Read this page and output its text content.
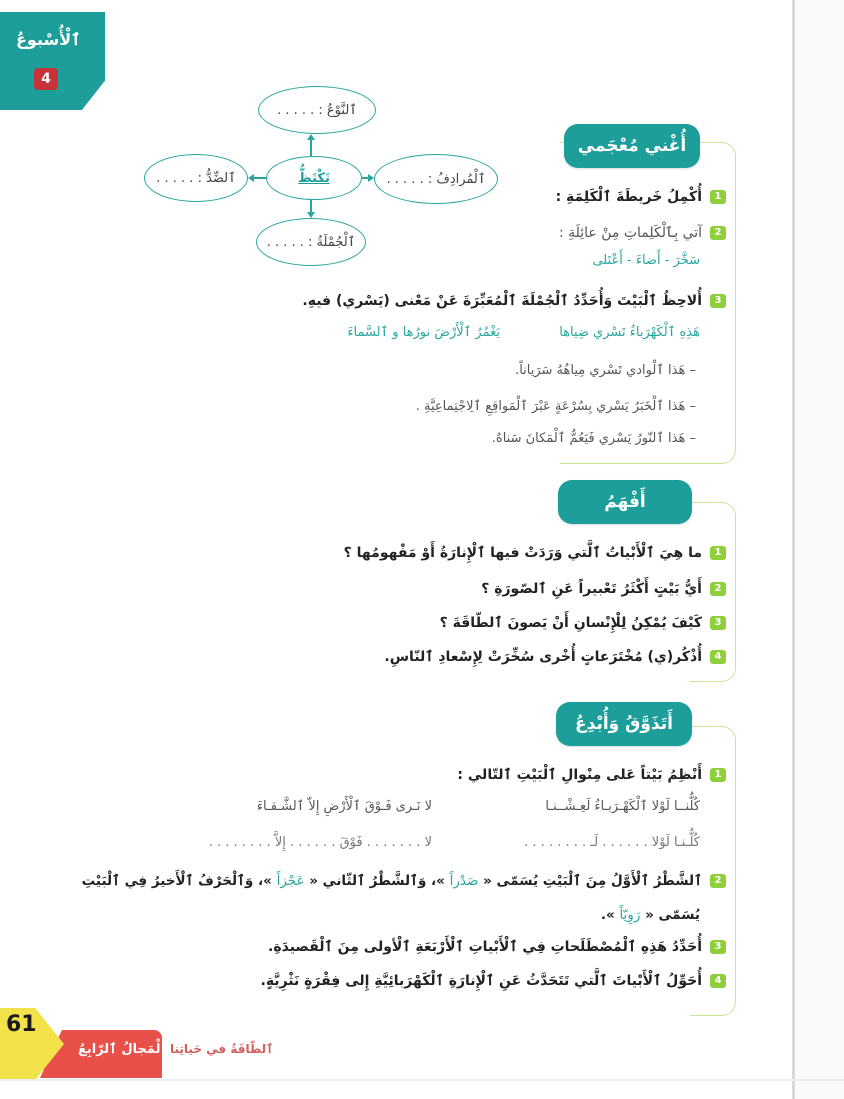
ٱلْأُسْبوعُ
4
ٱلنَّوْعُ : . . . . .
ٱلضِّدُّ : . . . . .	تَكْتَظُّ	ٱلْمُرادِفُ : . . . . .
ٱلْجُمْلَةُ : . . . . .
أُغْني مُعْجَمي
1أُكْمِلُ خَريطَةَ ٱلْكَلِمَةِ :
2آتي بِٱلْكَلِماتِ مِنْ عائِلَةِ :
سَخَّرَ - أَضاءَ - أَعْتَلى
3أُلاحِظُ ٱلْبَيْتَ وَأُحَدِّدُ ٱلْجُمْلَةَ ٱلْمُعَبِّرَةَ عَنْ مَعْنى (يَسْري) فيهِ.
هَذِهِ ٱلْكَهْرَباءُ تَسْري ضِياها
يَغْمُرُ ٱلْأَرْضَ نورُها و ٱلسَّماءَ
– هَذا ٱلْوادي تَسْري مِياهُهُ سَرَياناً.
– هَذا ٱلْخَبَرُ يَسْري بِسُرْعَةٍ عَبْرَ ٱلْمَواقِعِ ٱلِاجْتِماعِيَّةِ .
– هَذا ٱلنّورُ يَسْري فَيَعُمُّ ٱلْمَكانَ سَناهُ.
أَفْهَمُ
1ما هِيَ ٱلْأَبْياتُ ٱلَّتي وَرَدَتْ فيها ٱلْإِنارَةُ أَوْ مَفْهومُها ؟
2أَيُّ بَيْتٍ أَكْثَرُ تَعْبيراً عَنِ ٱلصّورَةِ ؟
3كَيْفَ يُمْكِنُ لِلْإِنْسانِ أَنْ يَصونَ ٱلطّاقَةَ ؟
4أُذْكُر(ي) مُخْتَرَعاتٍ أُخْرى سُخِّرَتْ لِإِسْعادِ ٱلنّاسِ.
أَتَذَوَّقُ وَأُبْدِعُ
1أَنْظِمُ بَيْتاً عَلى مِنْوالِ ٱلْبَيْتِ ٱلتّالي :
كُلُّنــا لَوْلا ٱلْكَهْـرَبـاءُ لَعِـشْــنـا
لا نَـرى فَـوْقَ ٱلْأَرْضِ إِلاّ ٱلشَّـقـاءَ
كُلُّـنـا لَوْلا . . . . . . لَـ . . . . . . . .
لا . . . . . . . فَوْقَ . . . . . . إِلاَّ . . . . . . . .
2ٱلشَّطْرُ ٱلْأَوَّلُ مِنَ ٱلْبَيْتِ يُسَمّى « صَدْراً »، وَٱلشَّطْرُ ٱلثّاني « عَجْزاً »، وَٱلْحَرْفُ ٱلْأَخيرُ فِي ٱلْبَيْتِ
يُسَمّى « رَوِيّاً ».
3أُحَدِّدُ هَذِهِ ٱلْمُصْطَلَحاتِ فِي ٱلْأَبْياتِ ٱلْأَرْبَعَةِ ٱلْأولى مِنَ ٱلْقَصيدَةِ.
4أُحَوِّلُ ٱلْأَبْياتَ ٱلَّتي تَتَحَدَّثُ عَنِ ٱلْإِنارَةِ ٱلْكَهْرَبائِيَّةِ إِلى فِقْرَةٍ نَثْرِيَّةٍ.
61
ٱلْمَجالُ ٱلرّابِعُ ٱلطّاقَةُ في حَياتِنا
